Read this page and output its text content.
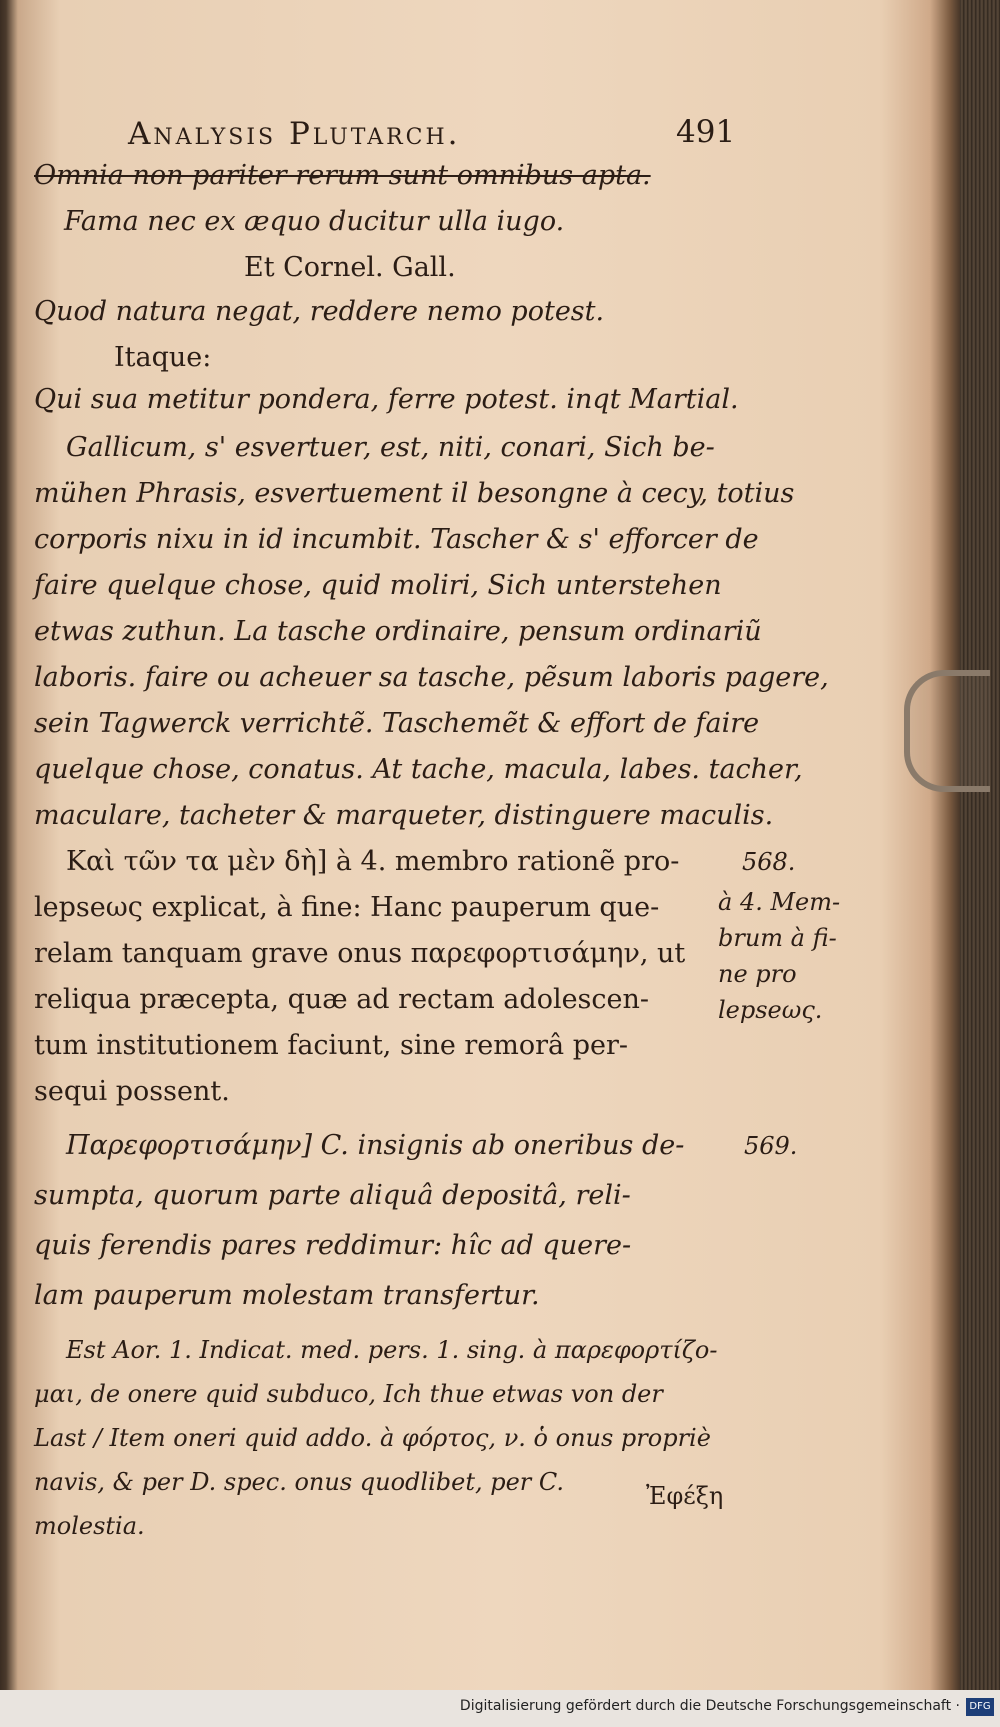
Analysis Plutarch.	491
Omnia non pariter rerum sunt omnibus apta.
Fama nec ex æquo ducitur ulla iugo.
Et Cornel. Gall.
Quod natura negat, reddere nemo potest.
Itaque:
Qui sua metitur pondera, ferre potest. inqt Martial.
Gallicum, s' esvertuer, est, niti, conari, Sich be-
mühen Phrasis, esvertuement il besongne à cecy, totius
corporis nixu in id incumbit. Tascher & s' efforcer de
faire quelque chose, quid moliri, Sich unterstehen
etwas zuthun. La tasche ordinaire, pensum ordinariũ
laboris. faire ou acheuer sa tasche, pẽsum laboris pagere,
sein Tagwerck verrichtẽ. Taschemẽt & effort de faire
quelque chose, conatus. At tache, macula, labes. tacher,
maculare, tacheter & marqueter, distinguere maculis.
Καὶ τῶν τα μὲν δὴ] à 4. membro rationẽ pro-
lepseως explicat, à fine: Hanc pauperum que-
relam tanquam grave onus παρεφορτισάμην, ut
reliqua præcepta, quæ ad rectam adolescen-
tum institutionem faciunt, sine remorâ per-
sequi possent.
Παρεφορτισάμην] C. insignis ab oneribus de-
sumpta, quorum parte aliquâ depositâ, reli-
quis ferendis pares reddimur: hîc ad quere-
lam pauperum molestam transfertur.
Est Aor. 1. Indicat. med. pers. 1. sing. à παρεφορτίζο-
μαι, de onere quid subduco, Ich thue etwas von der
Last / Item oneri quid addo. à φόρτος, ν. ὁ onus propriè
navis, & per D. spec. onus quodlibet, per C.
molestia.
568.
à 4. Mem-
brum à fi-
ne pro
lepseως.
569.
Ἐφέξη
Digitalisierung gefördert durch die Deutsche Forschungsgemeinschaft · DFG
